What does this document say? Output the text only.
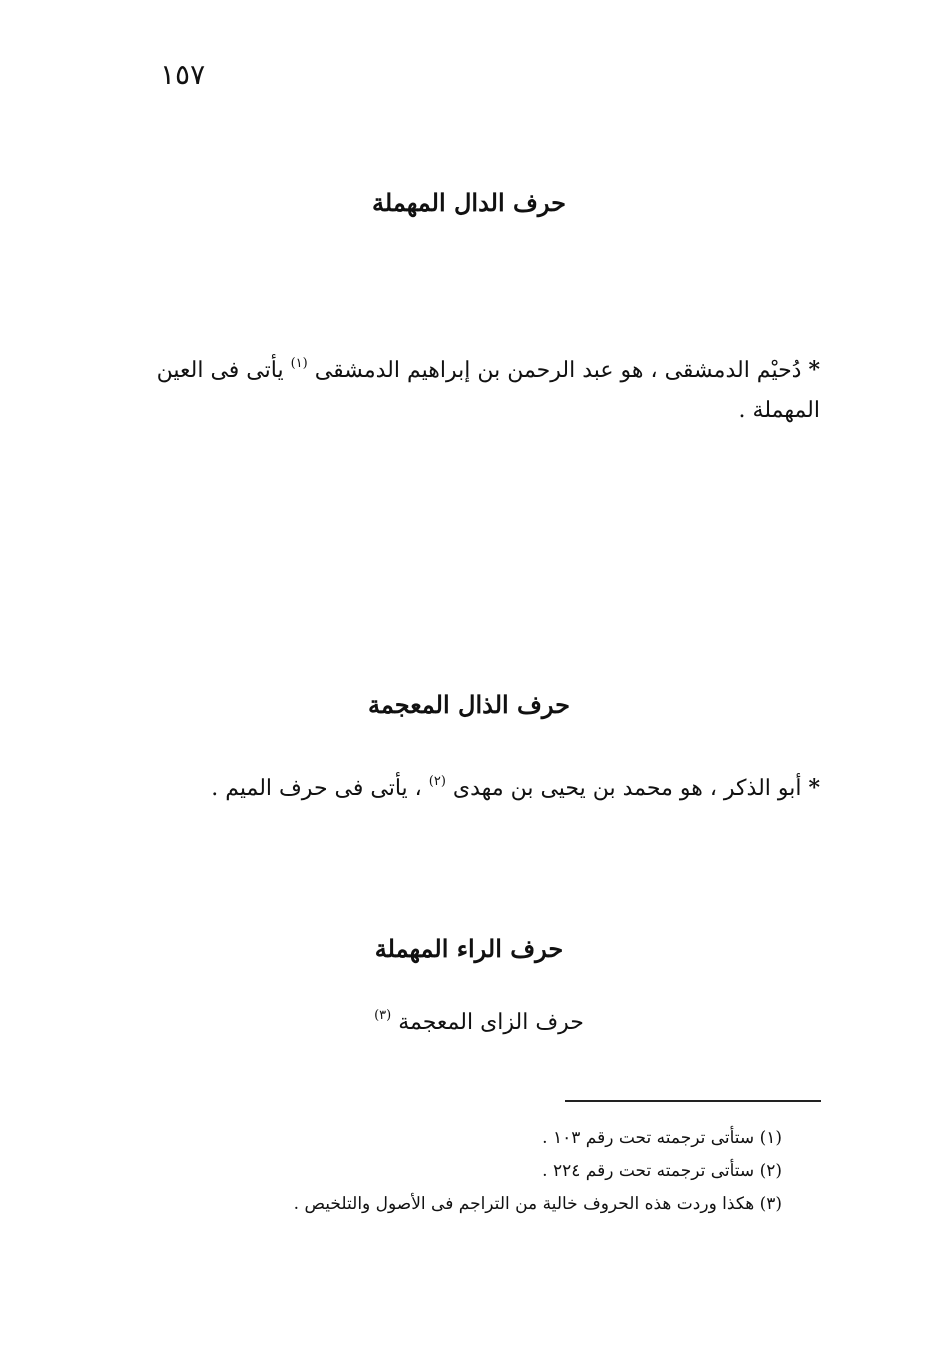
١٥٧
حرف الدال المهملة
* دُحيْم الدمشقى ، هو عبد الرحمن بن إبراهيم الدمشقى $^{(١)}$ يأتى فى العين المهملة .
حرف الذال المعجمة
* أبو الذكر ، هو محمد بن يحيى بن مهدى $^{(٢)}$ ، يأتى فى حرف الميم .
حرف الراء المهملة
حرف الزاى المعجمة $^{(٣)}$
(١) ستأتى ترجمته تحت رقم ١٠٣ .
(٢) ستأتى ترجمته تحت رقم ٢٢٤ .
(٣) هكذا وردت هذه الحروف خالية من التراجم فى الأصول والتلخيص .
